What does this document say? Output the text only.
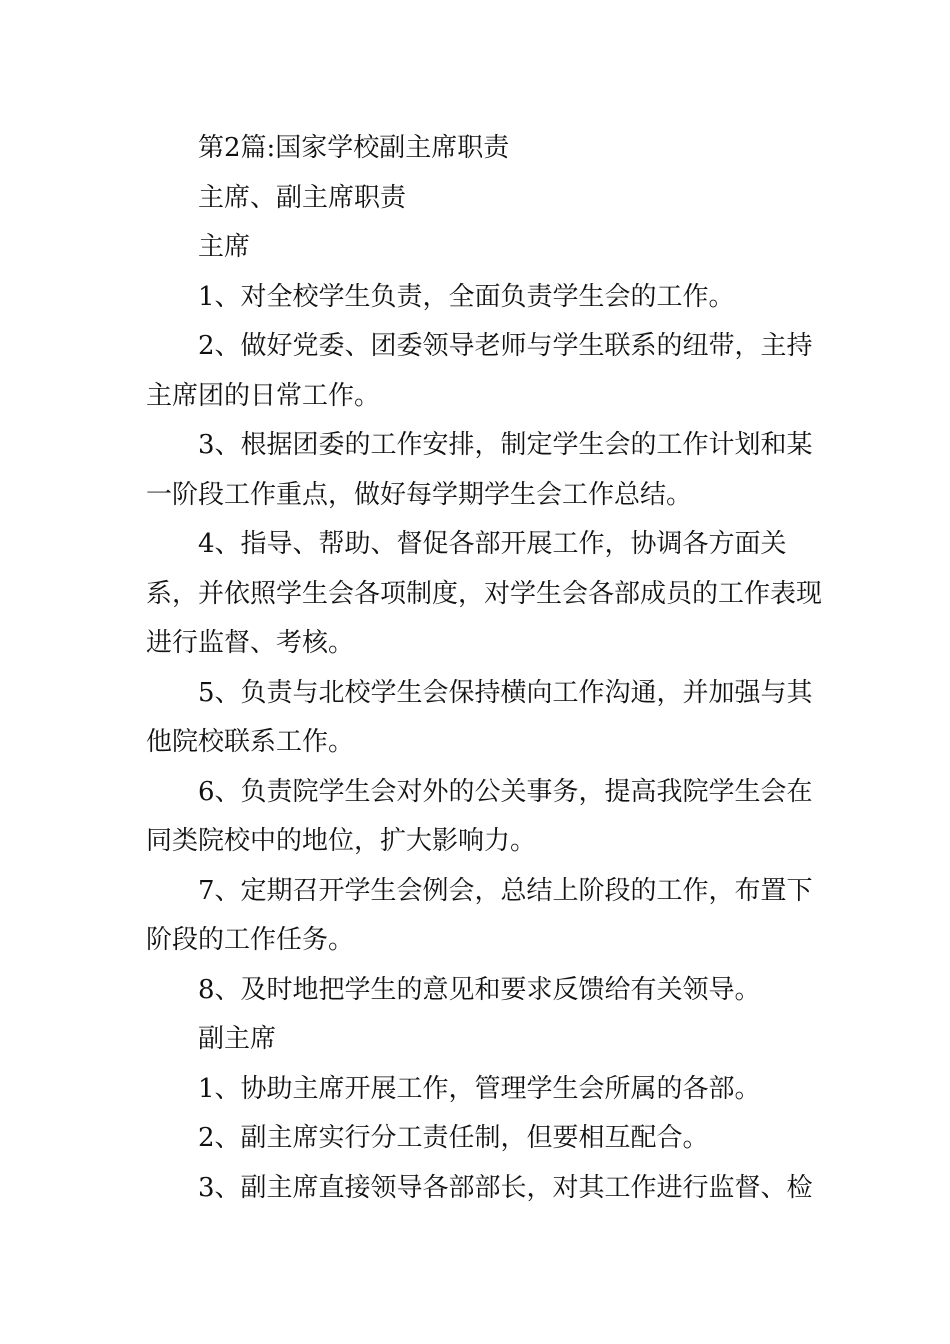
第2篇:国家学校副主席职责

主席、副主席职责

主席

1、对全校学生负责，全面负责学生会的工作。

2、做好党委、团委领导老师与学生联系的纽带，主持主席团的日常工作。

3、根据团委的工作安排，制定学生会的工作计划和某一阶段工作重点，做好每学期学生会工作总结。

4、指导、帮助、督促各部开展工作，协调各方面关系，并依照学生会各项制度，对学生会各部成员的工作表现进行监督、考核。

5、负责与北校学生会保持横向工作沟通，并加强与其他院校联系工作。

6、负责院学生会对外的公关事务，提高我院学生会在同类院校中的地位，扩大影响力。

7、定期召开学生会例会，总结上阶段的工作，布置下阶段的工作任务。

8、及时地把学生的意见和要求反馈给有关领导。

副主席

1、协助主席开展工作，管理学生会所属的各部。

2、副主席实行分工责任制，但要相互配合。

3、副主席直接领导各部部长，对其工作进行监督、检
